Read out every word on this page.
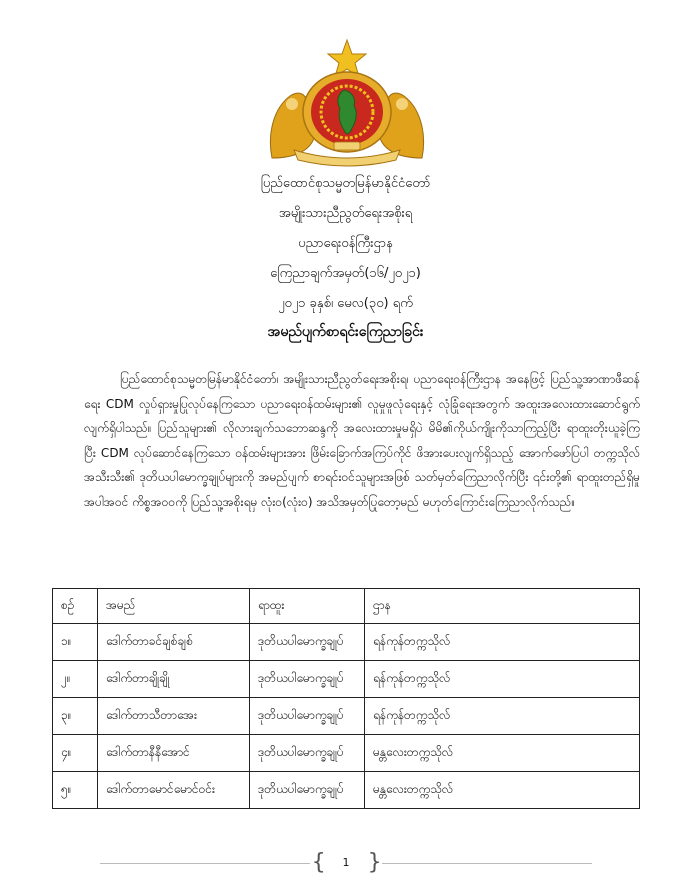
ပြည်ထောင်စုသမ္မတမြန်မာနိုင်ငံတော်
အမျိုးသားညီညွတ်ရေးအစိုးရ
ပညာရေးဝန်ကြီးဌာန
ကြေညာချက်အမှတ်(၁၆/၂၀၂၁)
၂၀၂၁ ခုနှစ်၊ မေလ(၃၀) ရက်
အမည်ပျက်စာရင်းကြေညာခြင်း
ပြည်ထောင်စုသမ္မတမြန်မာနိုင်ငံတော်၊ အမျိုးသားညီညွတ်ရေးအစိုးရ၊ ပညာရေးဝန်ကြီးဌာန အနေဖြင့် ပြည်သူ့အာဏာဖီဆန်ရေး CDM လှုပ်ရှားမှုပြုလုပ်နေကြသော ပညာရေးဝန်ထမ်းများ၏ လူမှုဖူလုံရေးနှင့် လုံခြုံရေးအတွက် အထူးအလေးထားဆောင်ရွက်လျက်ရှိပါသည်။ ပြည်သူများ၏ လိုလားချက်သဘောဆန္ဒကို အလေးထားမှုမရှိပဲ မိမိ၏ကိုယ်ကျိုးကိုသာကြည့်ပြီး ရာထူးတိုးယူခဲ့ကြပြီး CDM လုပ်ဆောင်နေကြသော ဝန်ထမ်းများအား ဖြိမ်းခြောက်အကြပ်ကိုင် ဖိအားပေးလျက်ရှိသည့် အောက်ဖော်ပြပါ တက္ကသိုလ်အသီးသီး၏ ဒုတိယပါမောက္ခချုပ်များကို အမည်ပျက် စာရင်းဝင်သူများအဖြစ် သတ်မှတ်ကြေညာလိုက်ပြီး ၎င်းတို့၏ ရာထူးတည်ရှိမှုအပါအဝင် ကိစ္စအဝဝကို ပြည်သူ့အစိုးရမှ လုံးဝ(လုံးဝ) အသိအမှတ်ပြုတော့မည် မဟုတ်ကြောင်းကြေညာလိုက်သည်။
စဉ်	အမည်	ရာထူး	ဌာန
၁။	ဒေါက်တာခင်ချစ်ချစ်	ဒုတိယပါမောက္ခချုပ်	ရန်ကုန်တက္ကသိုလ်
၂။	ဒေါက်တာချိုချို	ဒုတိယပါမောက္ခချုပ်	ရန်ကုန်တက္ကသိုလ်
၃။	ဒေါက်တာသီတာအေး	ဒုတိယပါမောက္ခချုပ်	ရန်ကုန်တက္ကသိုလ်
၄။	ဒေါက်တာနီနီအောင်	ဒုတိယပါမောက္ခချုပ်	မန္တလေးတက္ကသိုလ်
၅။	ဒေါက်တာမောင်မောင်ဝင်း	ဒုတိယပါမောက္ခချုပ်	မန္တလေးတက္ကသိုလ်
{	1 }
